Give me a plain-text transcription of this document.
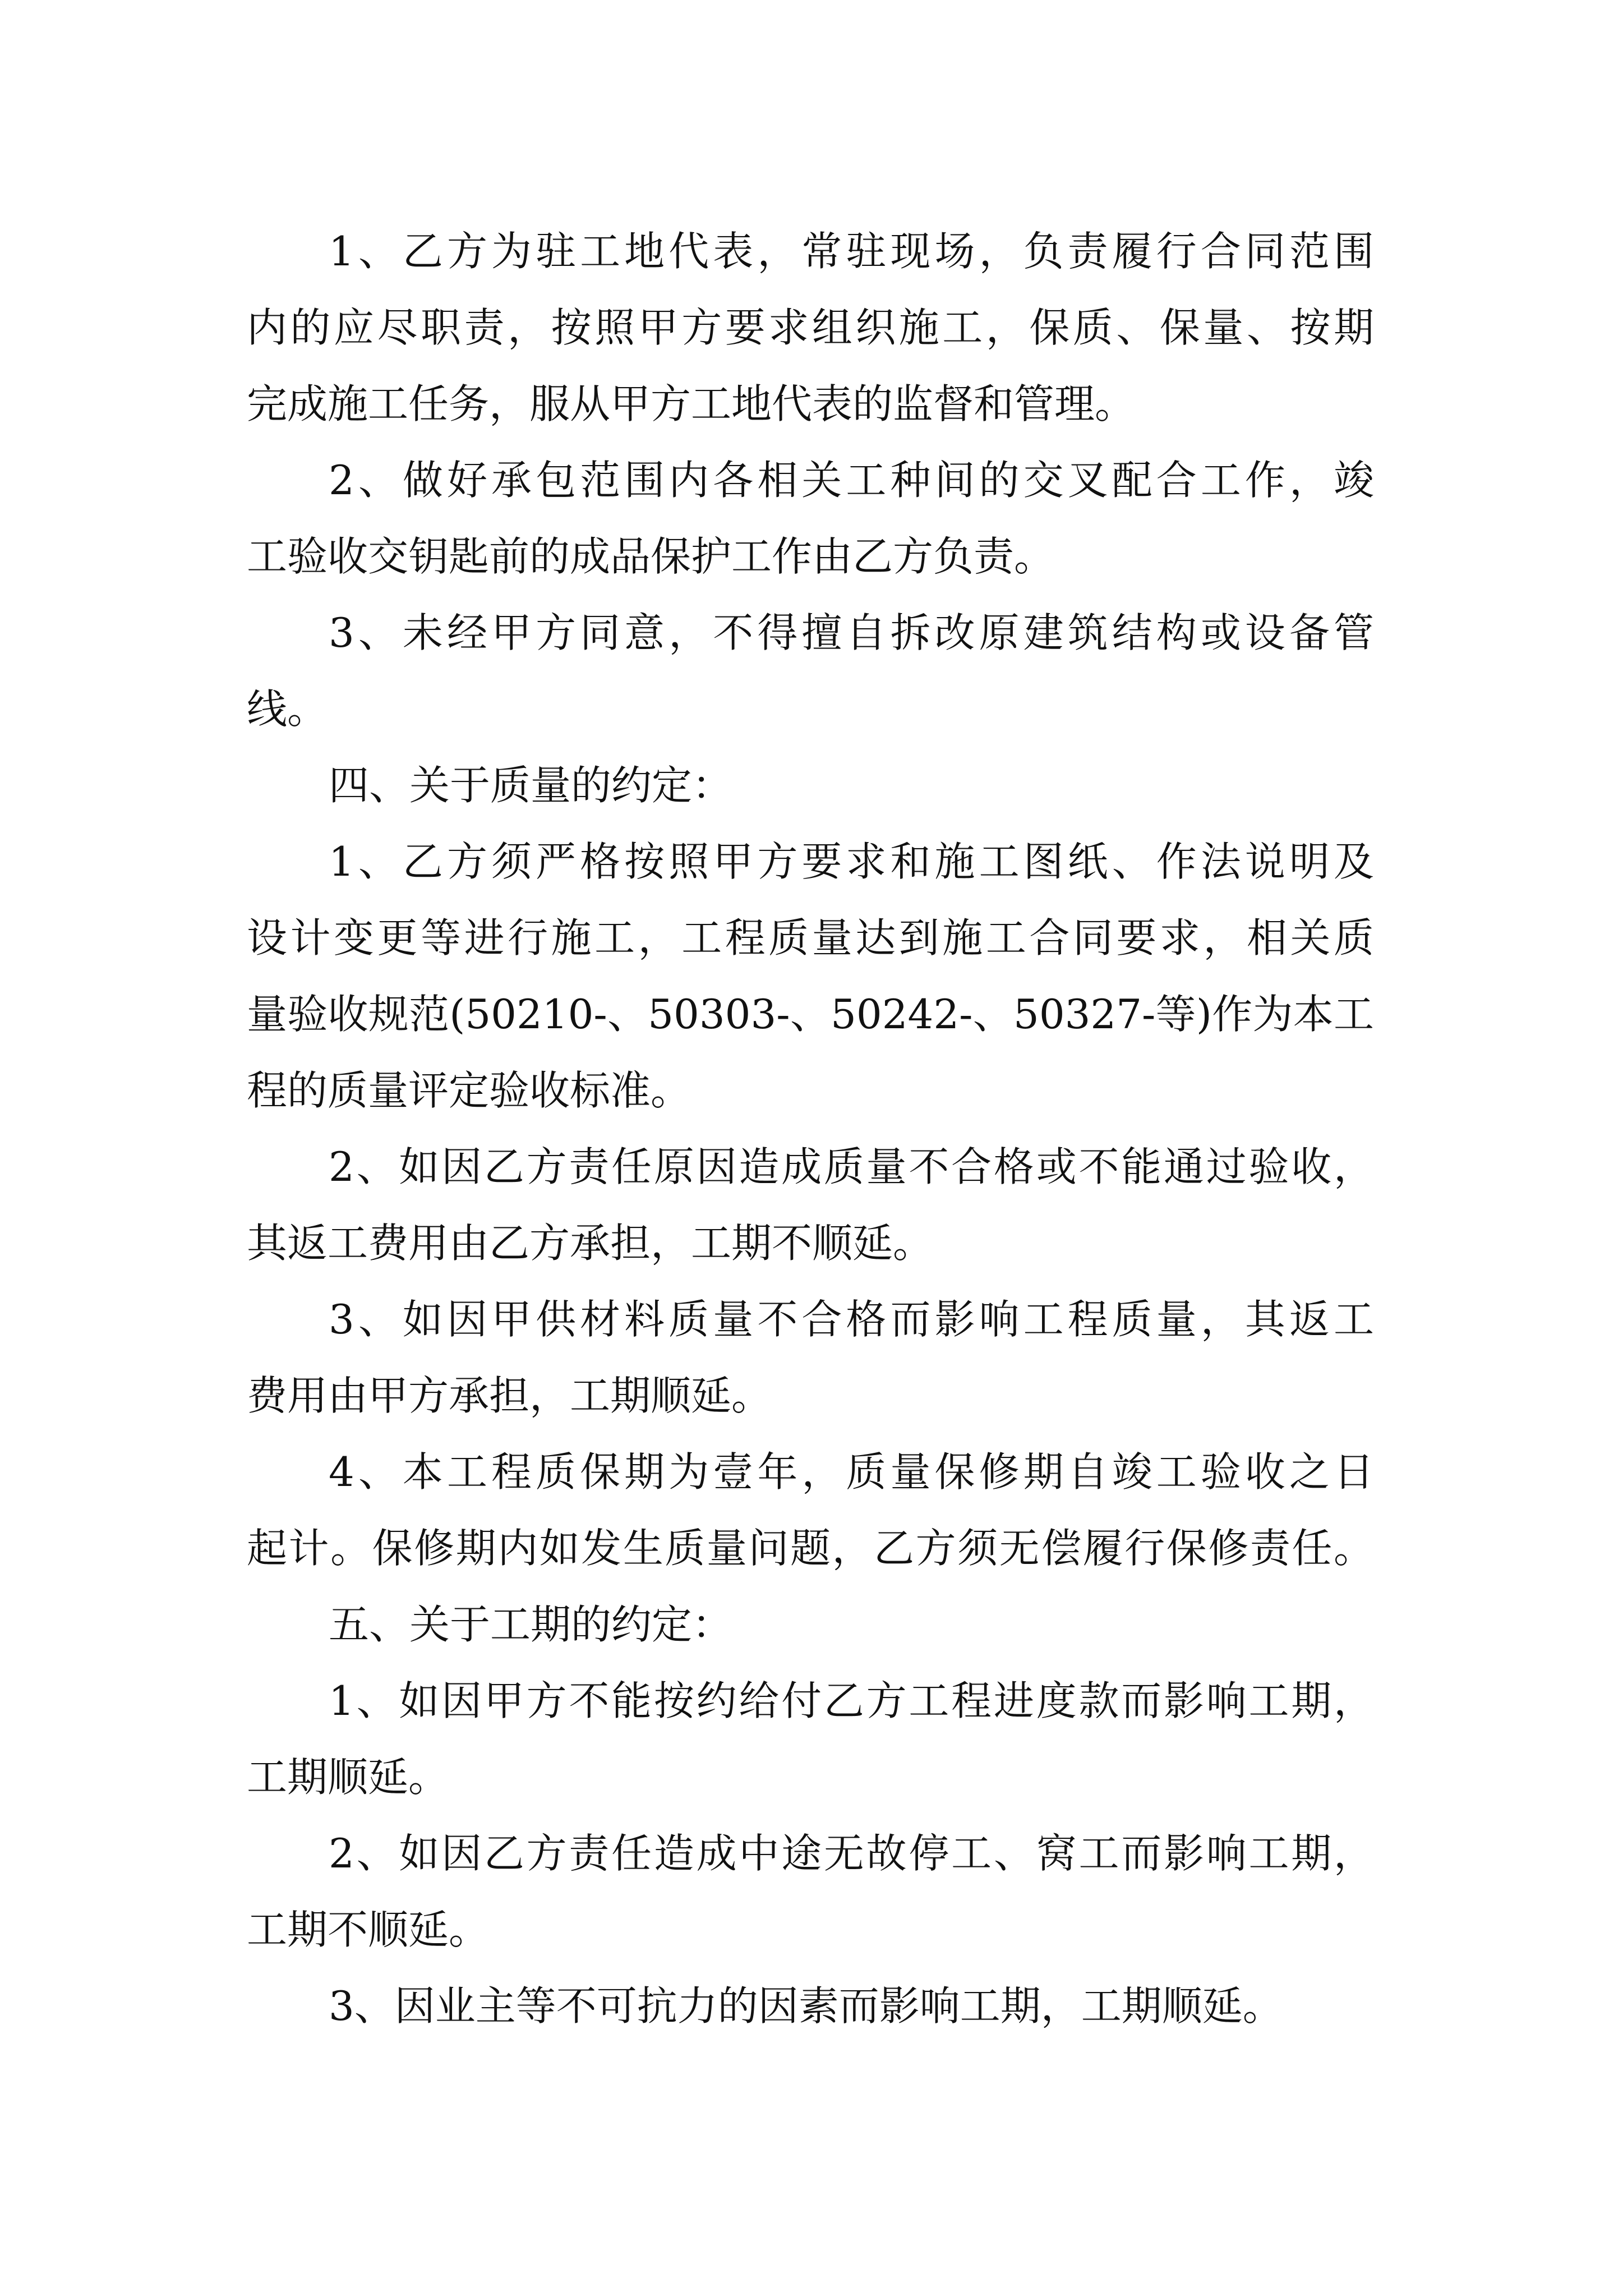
1、乙方为驻工地代表，常驻现场，负责履行合同范围
内的应尽职责，按照甲方要求组织施工，保质、保量、按期
完成施工任务，服从甲方工地代表的监督和管理。
2、做好承包范围内各相关工种间的交叉配合工作，竣
工验收交钥匙前的成品保护工作由乙方负责。
3、未经甲方同意，不得擅自拆改原建筑结构或设备管
线。
四、关于质量的约定：
1、乙方须严格按照甲方要求和施工图纸、作法说明及
设计变更等进行施工，工程质量达到施工合同要求，相关质
量验收规范(50210-、50303-、50242-、50327-等)作为本工
程的质量评定验收标准。
2、如因乙方责任原因造成质量不合格或不能通过验收，
其返工费用由乙方承担，工期不顺延。
3、如因甲供材料质量不合格而影响工程质量，其返工
费用由甲方承担，工期顺延。
4、本工程质保期为壹年，质量保修期自竣工验收之日
起计。保修期内如发生质量问题，乙方须无偿履行保修责任。
五、关于工期的约定：
1、如因甲方不能按约给付乙方工程进度款而影响工期，
工期顺延。
2、如因乙方责任造成中途无故停工、窝工而影响工期，
工期不顺延。
3、因业主等不可抗力的因素而影响工期，工期顺延。
